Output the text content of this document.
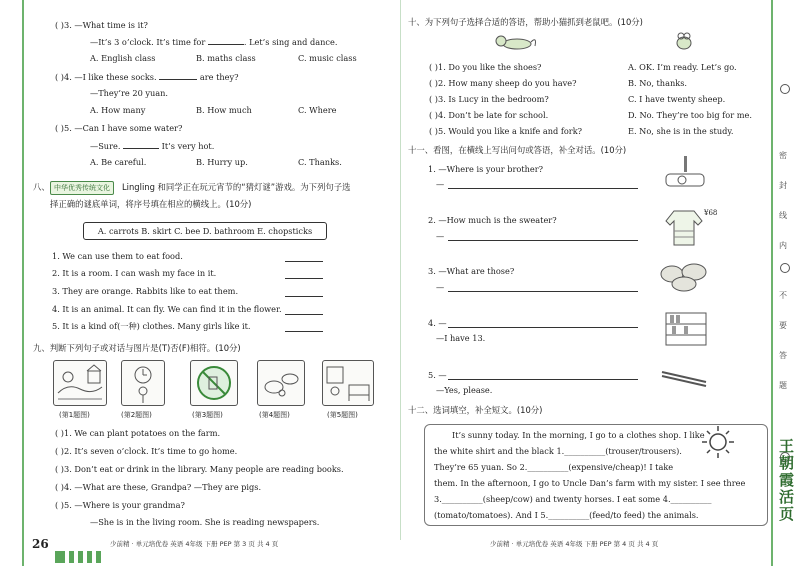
( )3. —What time is it?
—It’s 3 o’clock. It’s time for	. Let’s sing and dance.
A. English class	B. maths class	C. music class
( )4. —I like these socks.	are they?
—They’re 20 yuan.
A. How many	B. How much	C. Where
( )5. —Can I have some water?
—Sure.	It’s very hot.
A. Be careful.	B. Hurry up.	C. Thanks.
八、 中华优秀传统文化	Lingling 和同学正在玩元宵节的“猜灯谜”游戏。为下列句子选
择正确的谜底单词，将序号填在相应的横线上。(10分)
A. carrots B. skirt C. bee D. bathroom E. chopsticks
1. We can use them to eat food.
2. It is a room. I can wash my face in it.
3. They are orange. Rabbits like to eat them.
4. It is an animal. It can fly. We can find it in the flower.
5. It is a kind of(一种) clothes. Many girls like it.
九、判断下列句子或对话与图片是(T)否(F)相符。(10分)
(第1题图)	(第2题图)	(第3题图)	(第4题图)	(第5题图)
( )1. We can plant potatoes on the farm.
( )2. It’s seven o’clock. It’s time to go home.
( )3. Don’t eat or drink in the library. Many people are reading books.
( )4. —What are these, Grandpa? —They are pigs.
( )5. —Where is your grandma?
—She is in the living room. She is reading newspapers.
26	少前精 · 单元培优卷 英语 4年级 下册 PEP 第 3 页 共 4 页
十、为下列句子选择合适的答语，帮助小猫抓到老鼠吧。(10分)
( )1. Do you like the shoes?	A. OK. I’m ready. Let’s go.
( )2. How many sheep do you have?	B. No, thanks.
( )3. Is Lucy in the bedroom?	C. I have twenty sheep.
( )4. Don’t be late for school.	D. No. They’re too big for me.
( )5. Would you like a knife and fork?	E. No, she is in the study.
十一、看图，在横线上写出问句或答语，补全对话。(10分)
1. —Where is your brother?
—
2. —How much is the sweater?
—
¥68
3. —What are those?
—
4. —
—I have 13.
5. —
—Yes, please.
十二、选词填空，补全短文。(10分)
It’s sunny today. In the morning, I go to a clothes shop. I like
the white shirt and the black 1.__________(trouser/trousers).
They’re 65 yuan. So 2.__________(expensive/cheap)! I take
them. In the afternoon, I go to Uncle Dan’s farm with my sister. I see three
3.__________(sheep/cow) and twenty horses. I eat some 4.__________
(tomato/tomatoes). And I 5.__________(feed/to feed) the animals.
少前精 · 单元培优卷 英语 4年级 下册 PEP 第 4 页 共 4 页
密
封
线
内
不
要
答
题
王朝霞活页
